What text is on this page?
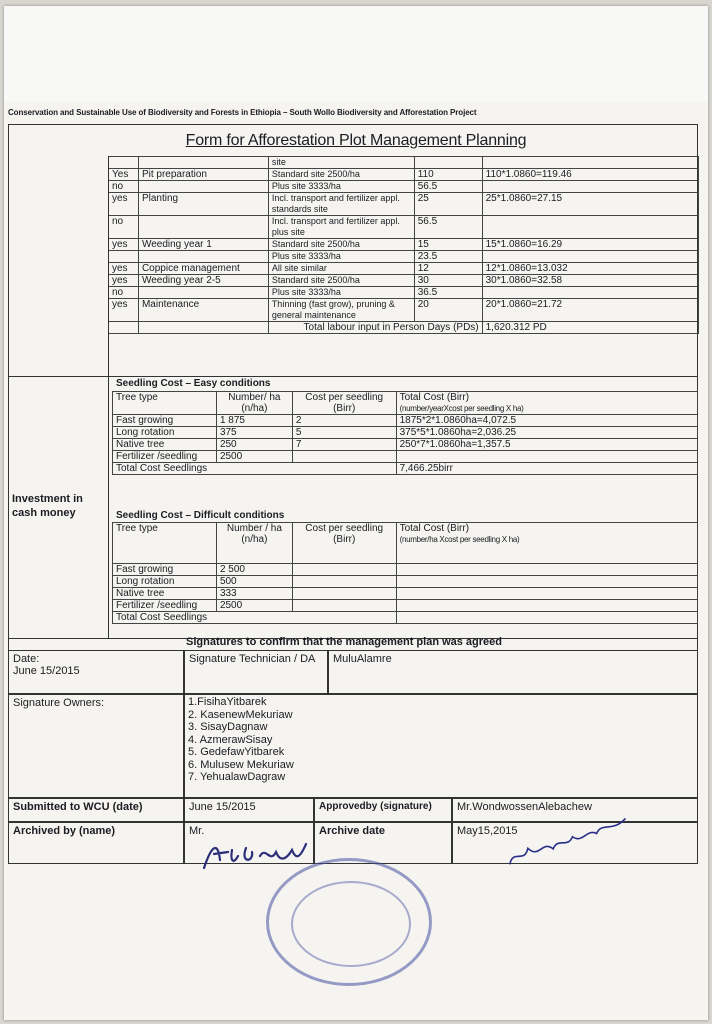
Conservation and Sustainable Use of Biodiversity and Forests in Ethiopia – South Wollo Biodiversity and Afforestation Project
Form for Afforestation Plot Management Planning
		site		
Yes	Pit preparation	Standard site 2500/ha	110	110*1.0860=119.46
no		Plus site 3333/ha	56.5	
yes	Planting	Incl. transport and fertilizer appl. standards site	25	25*1.0860=27.15
no		Incl. transport and fertilizer appl. plus site	56.5	
yes	Weeding year 1	Standard site 2500/ha	15	15*1.0860=16.29
		Plus site 3333/ha	23.5	
yes	Coppice management	All site similar	12	12*1.0860=13.032
yes	Weeding year 2-5	Standard site 2500/ha	30	30*1.0860=32.58
no		Plus site 3333/ha	36.5	
yes	Maintenance	Thinning (fast grow), pruning & general maintenance	20	20*1.0860=21.72
		Total labour input in Person Days (PDs)		1,620.312 PD
Investment in cash money
Seedling Cost – Easy conditions
Tree type	Number/ ha (n/ha)	Cost per seedling (Birr)	Total Cost (Birr)
(number/yearXcost per seedling X ha)

Fast growing	1 875	2	1875*2*1.0860ha=4,072.5
Long rotation	375	5	375*5*1.0860ha=2,036.25
Native tree	250	7	250*7*1.0860ha=1,357.5
Fertilizer /seedling	2500		
Total Cost Seedlings			7,466.25birr
Seedling Cost – Difficult conditions
Tree type	Number / ha (n/ha)	Cost per seedling (Birr)	Total Cost (Birr)
(number/ha Xcost per seedling X ha)

Fast growing	2 500		
Long rotation	500		
Native tree	333		
Fertilizer /seedling	2500		
Total Cost Seedlings			
Signatures to confirm that the management plan was agreed
Date:
June 15/2015
Signature Technician / DA	MuluAlamre
Signature Owners:	1.FisihaYitbarek
2. KasenewMekuriaw
3. SisayDagnaw
4. AzmerawSisay
5. GedefawYitbarek
6. Mulusew Mekuriaw
7. YehualawDagraw
Submitted to WCU (date)	June 15/2015	Approvedby (signature)	Mr.WondwossenAlebachew
Archived by (name)	Mr.	Archive date	May15,2015
